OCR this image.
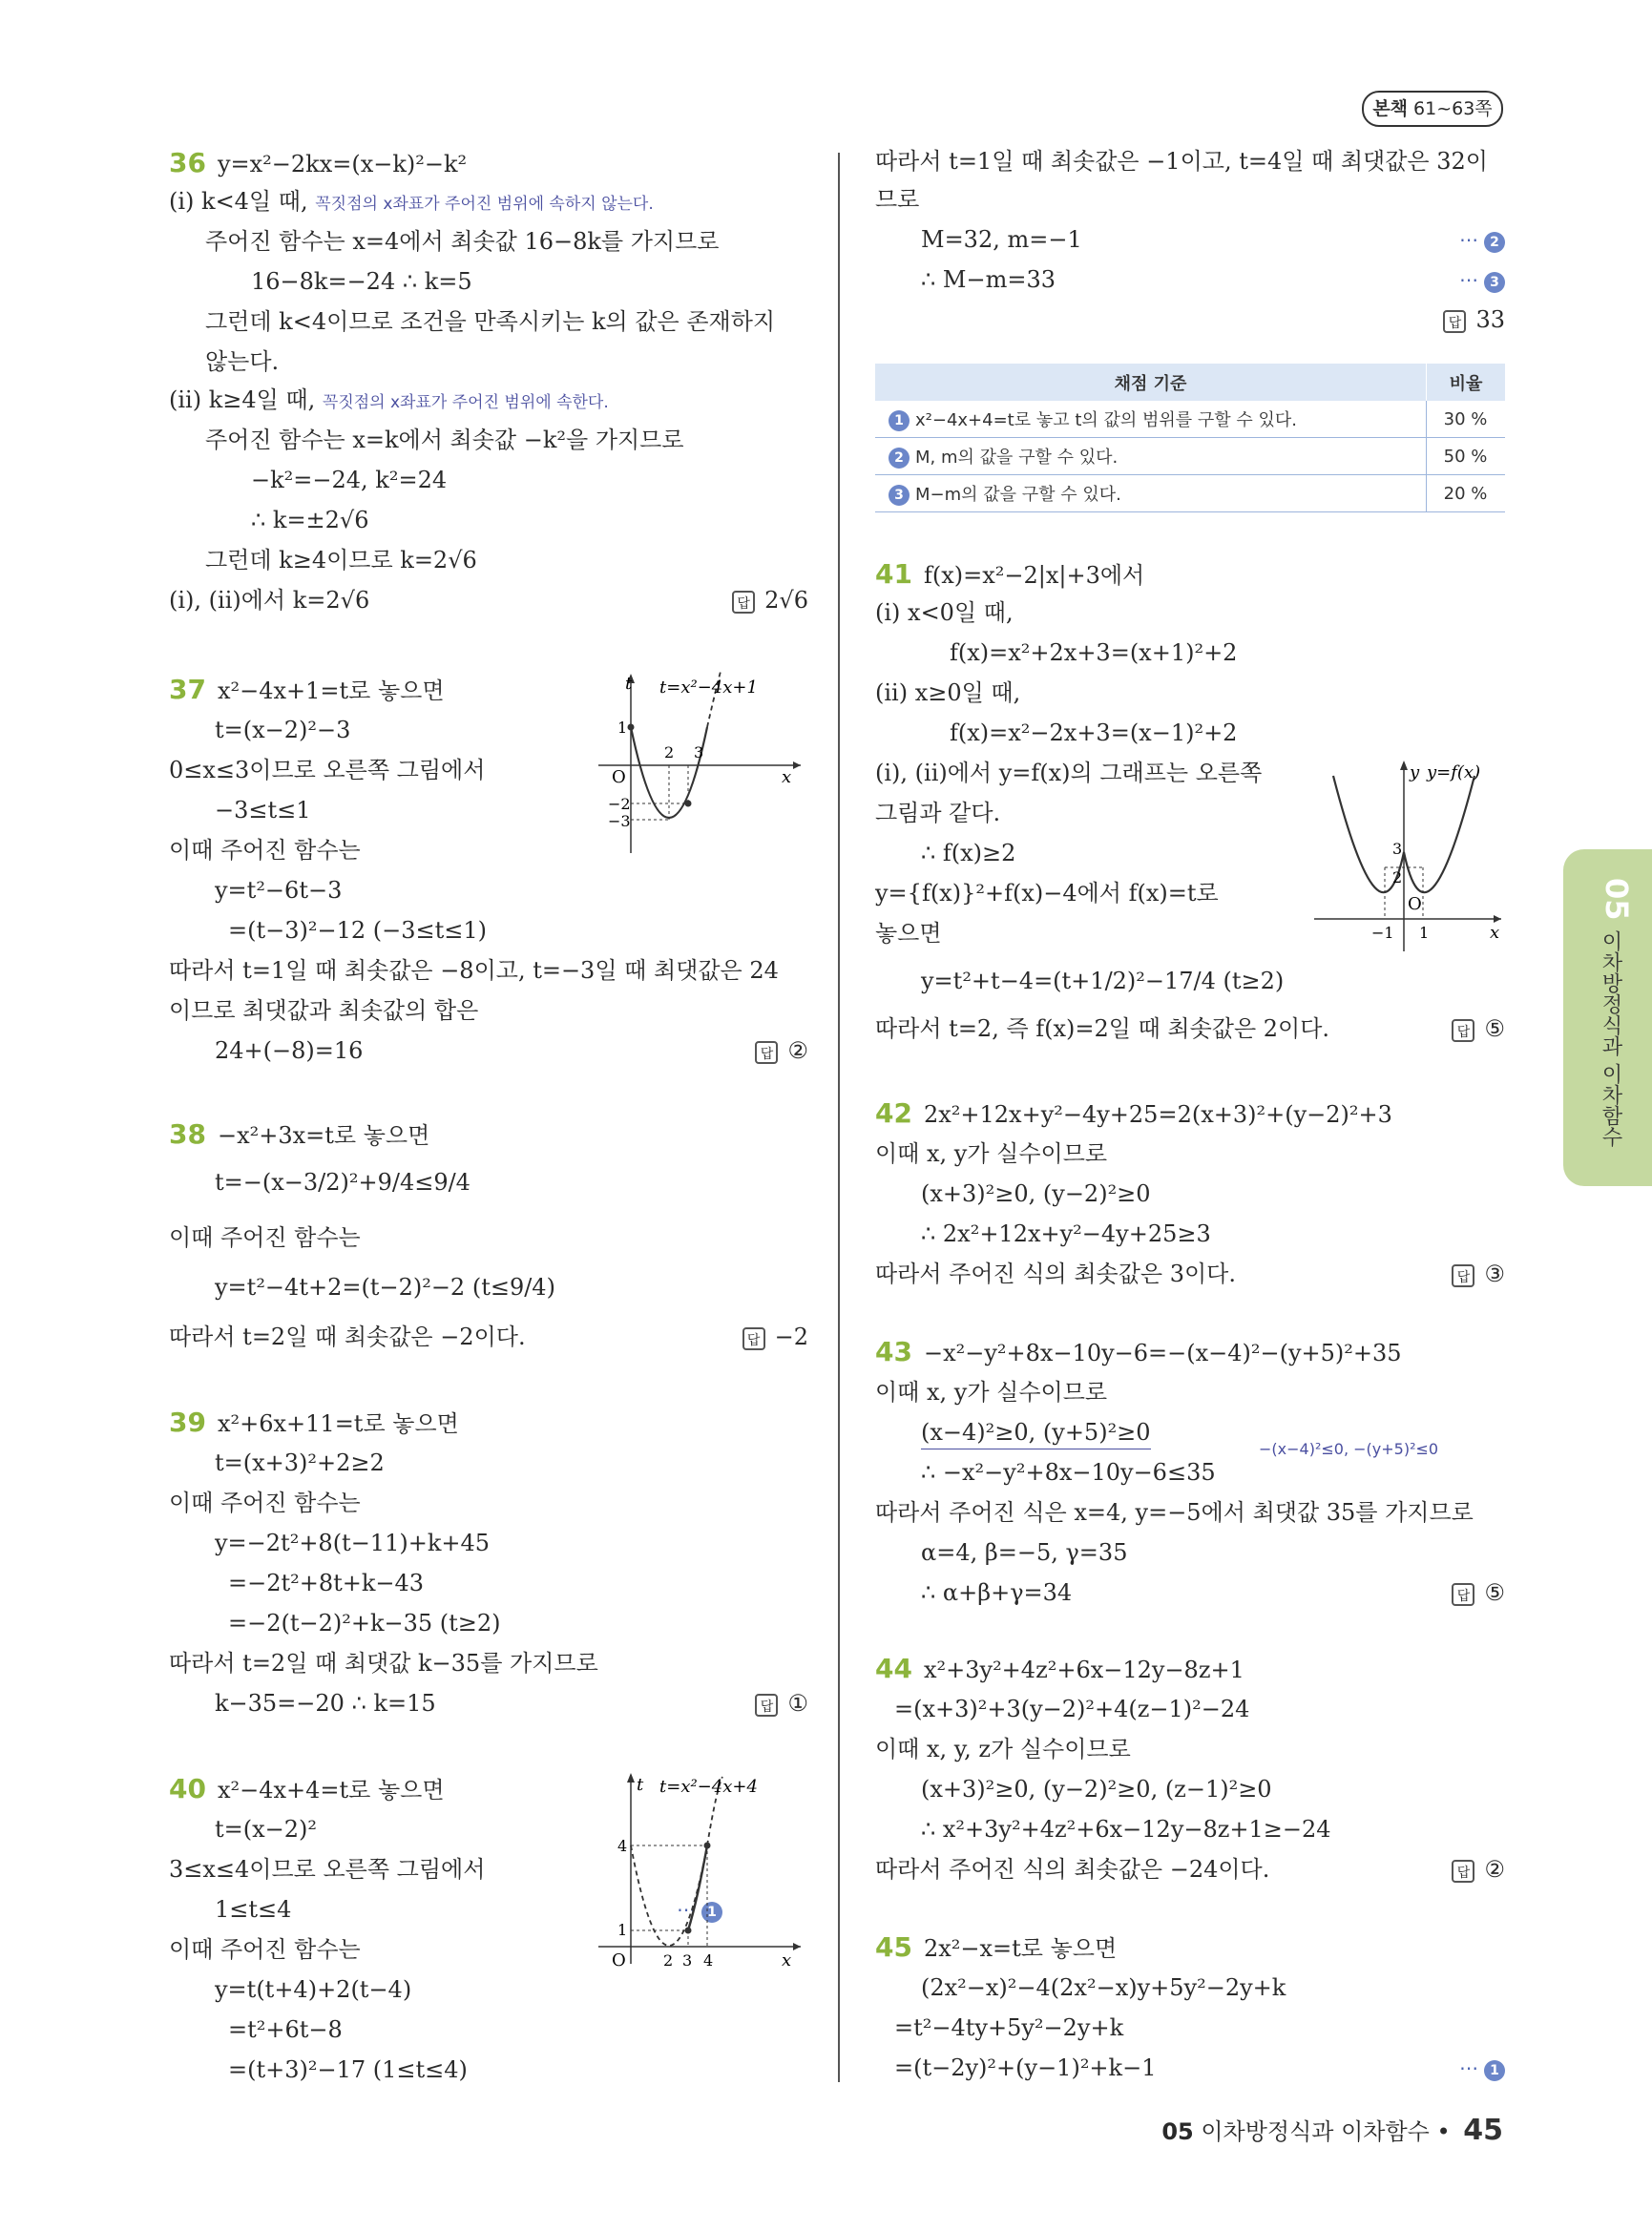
본책 61~63쪽
36 y=x²−2kx=(x−k)²−k²
(i) k<4일 때, 꼭짓점의 x좌표가 주어진 범위에 속하지 않는다.
주어진 함수는 x=4에서 최솟값 16−8k를 가지므로
16−8k=−24 ∴ k=5
그런데 k<4이므로 조건을 만족시키는 k의 값은 존재하지
않는다.
(ii) k≥4일 때, 꼭짓점의 x좌표가 주어진 범위에 속한다.
주어진 함수는 x=k에서 최솟값 −k²을 가지므로
−k²=−24, k²=24
∴ k=±2√6
그런데 k≥4이므로 k=2√6
(i), (ii)에서 k=2√6	답 2√6
37 x²−4x+1=t로 놓으면
t=(x−2)²−3
0≤x≤3이므로 오른쪽 그림에서
−3≤t≤1
이때 주어진 함수는
y=t²−6t−3
=(t−3)²−12 (−3≤t≤1)
따라서 t=1일 때 최솟값은 −8이고, t=−3일 때 최댓값은 24
이므로 최댓값과 최솟값의 합은
24+(−8)=16	답 ②
t
x
O
t=x²−4x+1
1
−2
−3
2 3
38 −x²+3x=t로 놓으면
t=−(x−3/2)²+9/4≤9/4
이때 주어진 함수는
y=t²−4t+2=(t−2)²−2 (t≤9/4)
따라서 t=2일 때 최솟값은 −2이다.	답 −2
39 x²+6x+11=t로 놓으면
t=(x+3)²+2≥2
이때 주어진 함수는
y=−2t²+8(t−11)+k+45
=−2t²+8t+k−43
=−2(t−2)²+k−35 (t≥2)
따라서 t=2일 때 최댓값 k−35를 가지므로
k−35=−20 ∴ k=15	답 ①
40 x²−4x+4=t로 놓으면
t=(x−2)²
3≤x≤4이므로 오른쪽 그림에서
1≤t≤4	⋯ 1
이때 주어진 함수는
y=t(t+4)+2(t−4)
=t²+6t−8
=(t+3)²−17 (1≤t≤4)
t
x
O
t=x²−4x+4
4
1
2 3 4
따라서 t=1일 때 최솟값은 −1이고, t=4일 때 최댓값은 32이
므로
M=32, m=−1	⋯ 2
∴ M−m=33	⋯ 3
답 33
채점 기준	비율
1 x²−4x+4=t로 놓고 t의 값의 범위를 구할 수 있다.	30 %
2 M, m의 값을 구할 수 있다.	50 %
3 M−m의 값을 구할 수 있다.	20 %
41 f(x)=x²−2|x|+3에서
(i) x<0일 때,
f(x)=x²+2x+3=(x+1)²+2
(ii) x≥0일 때,
f(x)=x²−2x+3=(x−1)²+2
(i), (ii)에서 y=f(x)의 그래프는 오른쪽
그림과 같다.
∴ f(x)≥2
y={f(x)}²+f(x)−4에서 f(x)=t로
놓으면
y=t²+t−4=(t+1/2)²−17/4 (t≥2)
따라서 t=2, 즉 f(x)=2일 때 최솟값은 2이다.	답 ⑤
y y=f(x)
x
O
3
2
−1 1
42 2x²+12x+y²−4y+25=2(x+3)²+(y−2)²+3
이때 x, y가 실수이므로
(x+3)²≥0, (y−2)²≥0
∴ 2x²+12x+y²−4y+25≥3
따라서 주어진 식의 최솟값은 3이다.	답 ③
43 −x²−y²+8x−10y−6=−(x−4)²−(y+5)²+35
이때 x, y가 실수이므로
(x−4)²≥0, (y+5)²≥0
−(x−4)²≤0, −(y+5)²≤0
∴ −x²−y²+8x−10y−6≤35
따라서 주어진 식은 x=4, y=−5에서 최댓값 35를 가지므로
α=4, β=−5, γ=35
∴ α+β+γ=34	답 ⑤
44 x²+3y²+4z²+6x−12y−8z+1
=(x+3)²+3(y−2)²+4(z−1)²−24
이때 x, y, z가 실수이므로
(x+3)²≥0, (y−2)²≥0, (z−1)²≥0
∴ x²+3y²+4z²+6x−12y−8z+1≥−24
따라서 주어진 식의 최솟값은 −24이다.	답 ②
45 2x²−x=t로 놓으면
(2x²−x)²−4(2x²−x)y+5y²−2y+k
=t²−4ty+5y²−2y+k
=(t−2y)²+(y−1)²+k−1	⋯ 1
05
이차방정식과 이차함수
05 이차방정식과 이차함수 • 45
